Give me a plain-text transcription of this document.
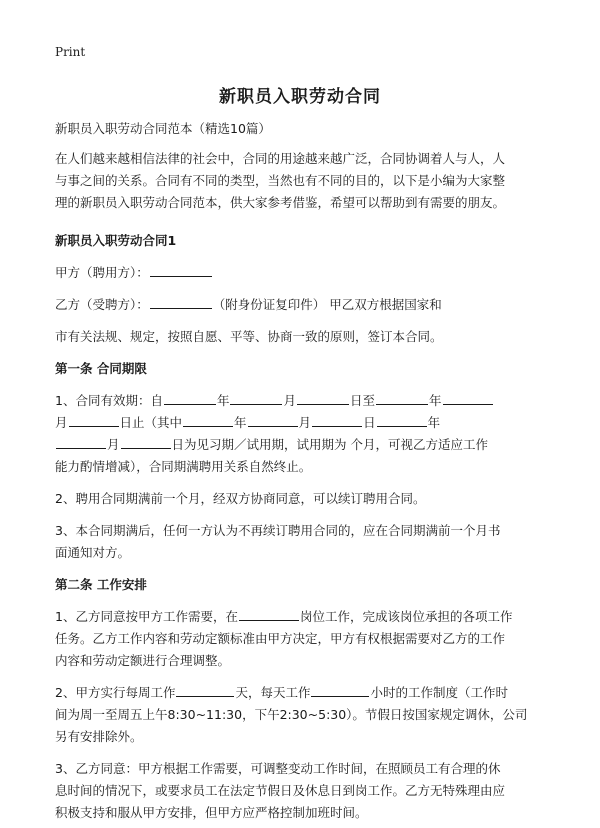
Print
新职员入职劳动合同
新职员入职劳动合同范本（精选10篇）
在人们越来越相信法律的社会中，合同的用途越来越广泛，合同协调着人与人，人
与事之间的关系。合同有不同的类型，当然也有不同的目的，以下是小编为大家整
理的新职员入职劳动合同范本，供大家参考借鉴，希望可以帮助到有需要的朋友。
新职员入职劳动合同1
甲方（聘用方）：
乙方（受聘方）：	（附身份证复印件） 甲乙双方根据国家和
市有关法规、规定，按照自愿、平等、协商一致的原则，签订本合同。
第一条 合同期限
1、合同有效期：自	年	月	日至	年
月	日止（其中	年	月	日	年
月	日为见习期／试用期，试用期为 个月，可视乙方适应工作
能力酌情增减），合同期满聘用关系自然终止。
2、聘用合同期满前一个月，经双方协商同意，可以续订聘用合同。
3、本合同期满后，任何一方认为不再续订聘用合同的，应在合同期满前一个月书
面通知对方。
第二条 工作安排
1、乙方同意按甲方工作需要，在	岗位工作，完成该岗位承担的各项工作
任务。乙方工作内容和劳动定额标准由甲方决定，甲方有权根据需要对乙方的工作
内容和劳动定额进行合理调整。
2、甲方实行每周工作	天，每天工作	小时的工作制度（工作时
间为周一至周五上午8:30~11:30，下午2:30~5:30）。节假日按国家规定调休，公司
另有安排除外。
3、乙方同意：甲方根据工作需要，可调整变动工作时间，在照顾员工有合理的休
息时间的情况下，或要求员工在法定节假日及休息日到岗工作。乙方无特殊理由应
积极支持和服从甲方安排，但甲方应严格控制加班时间。
